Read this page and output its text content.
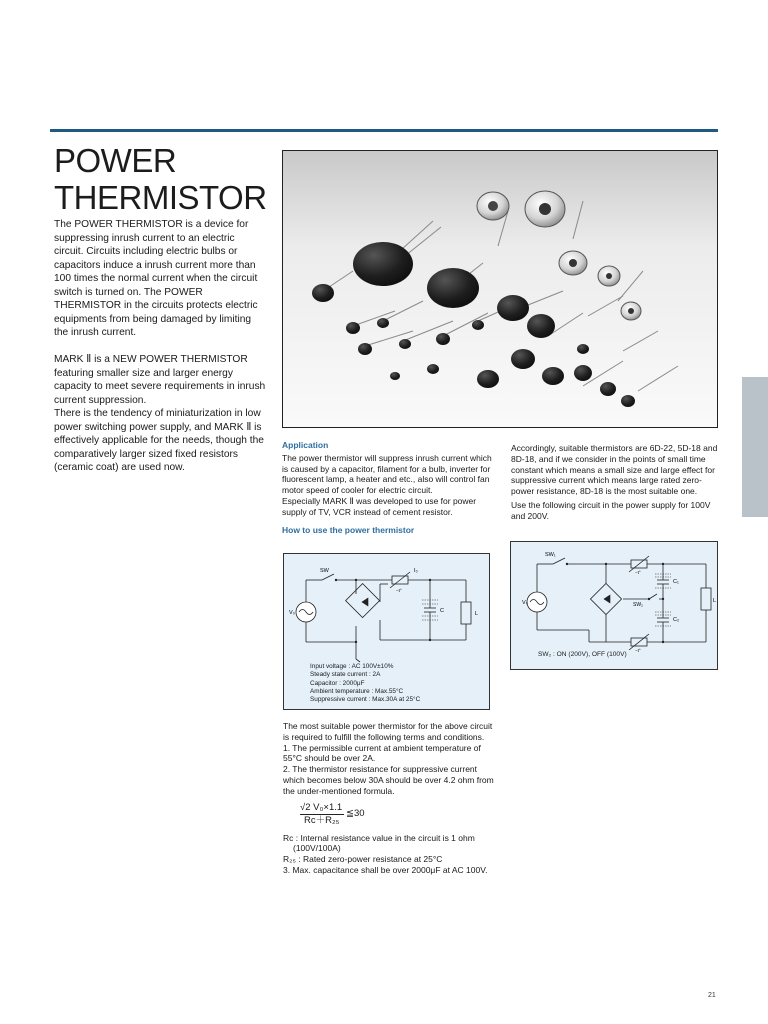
POWER
THERMISTOR

The POWER THERMISTOR is a device for suppressing inrush current to an electric circuit. Circuits including electric bulbs or capacitors induce a inrush current more than 100 times the normal current when the circuit switch is turned on. The POWER THERMISTOR in the circuits protects electric equipments from being damaged by limiting the inrush current.

MARK Ⅱ is a NEW POWER THERMISTOR featuring smaller size and larger energy capacity to meet severe requirements in inrush current suppression.

There is the tendency of miniaturization in low power switching power supply, and MARK Ⅱ is effectively applicable for the needs, though the comparatively larger sized fixed resistors (ceramic coat) are used now.

Application

The power thermistor will suppress inrush current which is caused by a capacitor, filament for a bulb, inverter for fluorescent lamp, a heater and etc., also will control fan motor speed of cooler for electric circuit.

Especially MARK Ⅱ was developed to use for power supply of TV, VCR instead of cement resistor.

How to use the power thermistor
SW	I₀
V₀
−t°
C	L
Input voltage : AC 100V±10%
Steady state current : 2A
Capacitor : 2000μF
Ambient temperature : Max.55°C
Suppressive current : Max.30A at 25°C

The most suitable power thermistor for the above circuit is required to fulfill the following terms and conditions.

1. The permissible current at ambient temperature of 55°C should be over 2A.

2. The thermistor resistance for suppressive current which becomes below 30A should be over 4.2 ohm from the under-mentioned formula.

√2 V₀×1.1
Rᴄ＋R₂₅
≦30

Rᴄ : Internal resistance value in the circuit is 1 ohm

(100V/100A)

R₂₅ : Rated zero-power resistance at 25°C

3. Max. capacitance shall be over 2000μF at AC 100V.

Accordingly, suitable thermistors are 6D-22, 5D-18 and 8D-18, and if we consider in the points of small time constant which means a small size and large effect for suppressive current which means large rated zero-power resistance, 8D-18 is the most suitable one.

Use the following circuit in the power supply for 100V and 200V.

SW₁
SW₂
V₀
C₁
C₂
L
−t°
−t°
SW₂ : ON (200V), OFF (100V)
21
